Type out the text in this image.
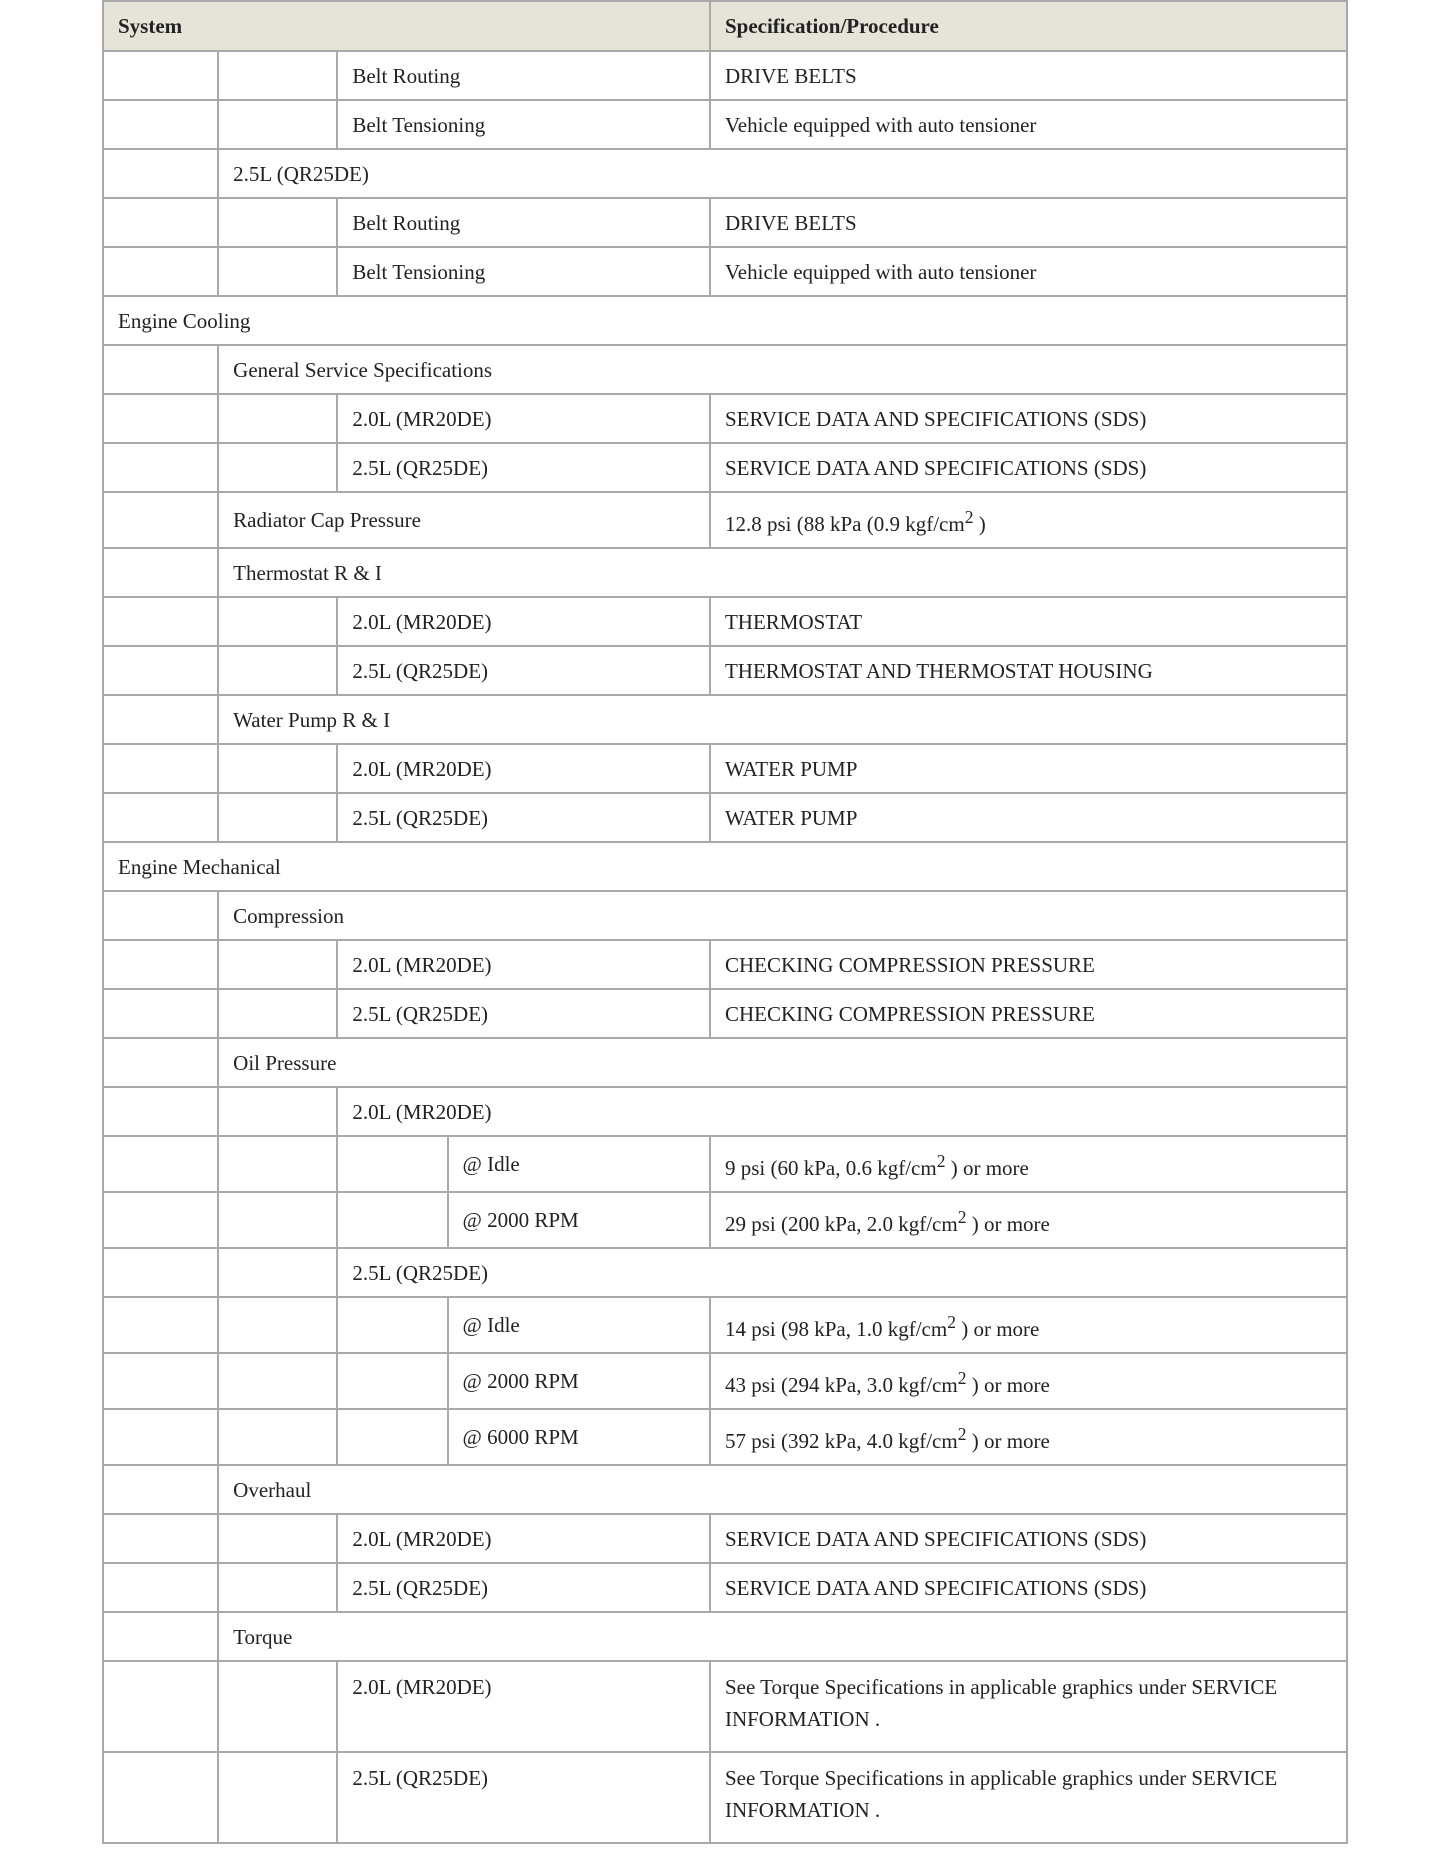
System				Specification/Procedure
		Belt Routing		DRIVE BELTS
		Belt Tensioning		Vehicle equipped with auto tensioner
	2.5L (QR25DE)			
		Belt Routing		DRIVE BELTS
		Belt Tensioning		Vehicle equipped with auto tensioner
Engine Cooling				
	General Service Specifications			
		2.0L (MR20DE)		SERVICE DATA AND SPECIFICATIONS (SDS)
		2.5L (QR25DE)		SERVICE DATA AND SPECIFICATIONS (SDS)
	Radiator Cap Pressure			12.8 psi (88 kPa (0.9 kgf/$cm^2$ )
	Thermostat R & I			
		2.0L (MR20DE)		THERMOSTAT
		2.5L (QR25DE)		THERMOSTAT AND THERMOSTAT HOUSING
	Water Pump R & I			
		2.0L (MR20DE)		WATER PUMP
		2.5L (QR25DE)		WATER PUMP
Engine Mechanical				
	Compression			
		2.0L (MR20DE)		CHECKING COMPRESSION PRESSURE
		2.5L (QR25DE)		CHECKING COMPRESSION PRESSURE
	Oil Pressure			
		2.0L (MR20DE)		
			@ Idle	9 psi (60 kPa, 0.6 kgf/$cm^2$ ) or more
			@ 2000 RPM	29 psi (200 kPa, 2.0 kgf/$cm^2$ ) or more
		2.5L (QR25DE)		
			@ Idle	14 psi (98 kPa, 1.0 kgf/$cm^2$ ) or more
			@ 2000 RPM	43 psi (294 kPa, 3.0 kgf/$cm^2$ ) or more
			@ 6000 RPM	57 psi (392 kPa, 4.0 kgf/$cm^2$ ) or more
	Overhaul			
		2.0L (MR20DE)		SERVICE DATA AND SPECIFICATIONS (SDS)
		2.5L (QR25DE)		SERVICE DATA AND SPECIFICATIONS (SDS)
	Torque			
		2.0L (MR20DE)		See Torque Specifications in applicable graphics under SERVICE INFORMATION .
		2.5L (QR25DE)		See Torque Specifications in applicable graphics under SERVICE INFORMATION .
